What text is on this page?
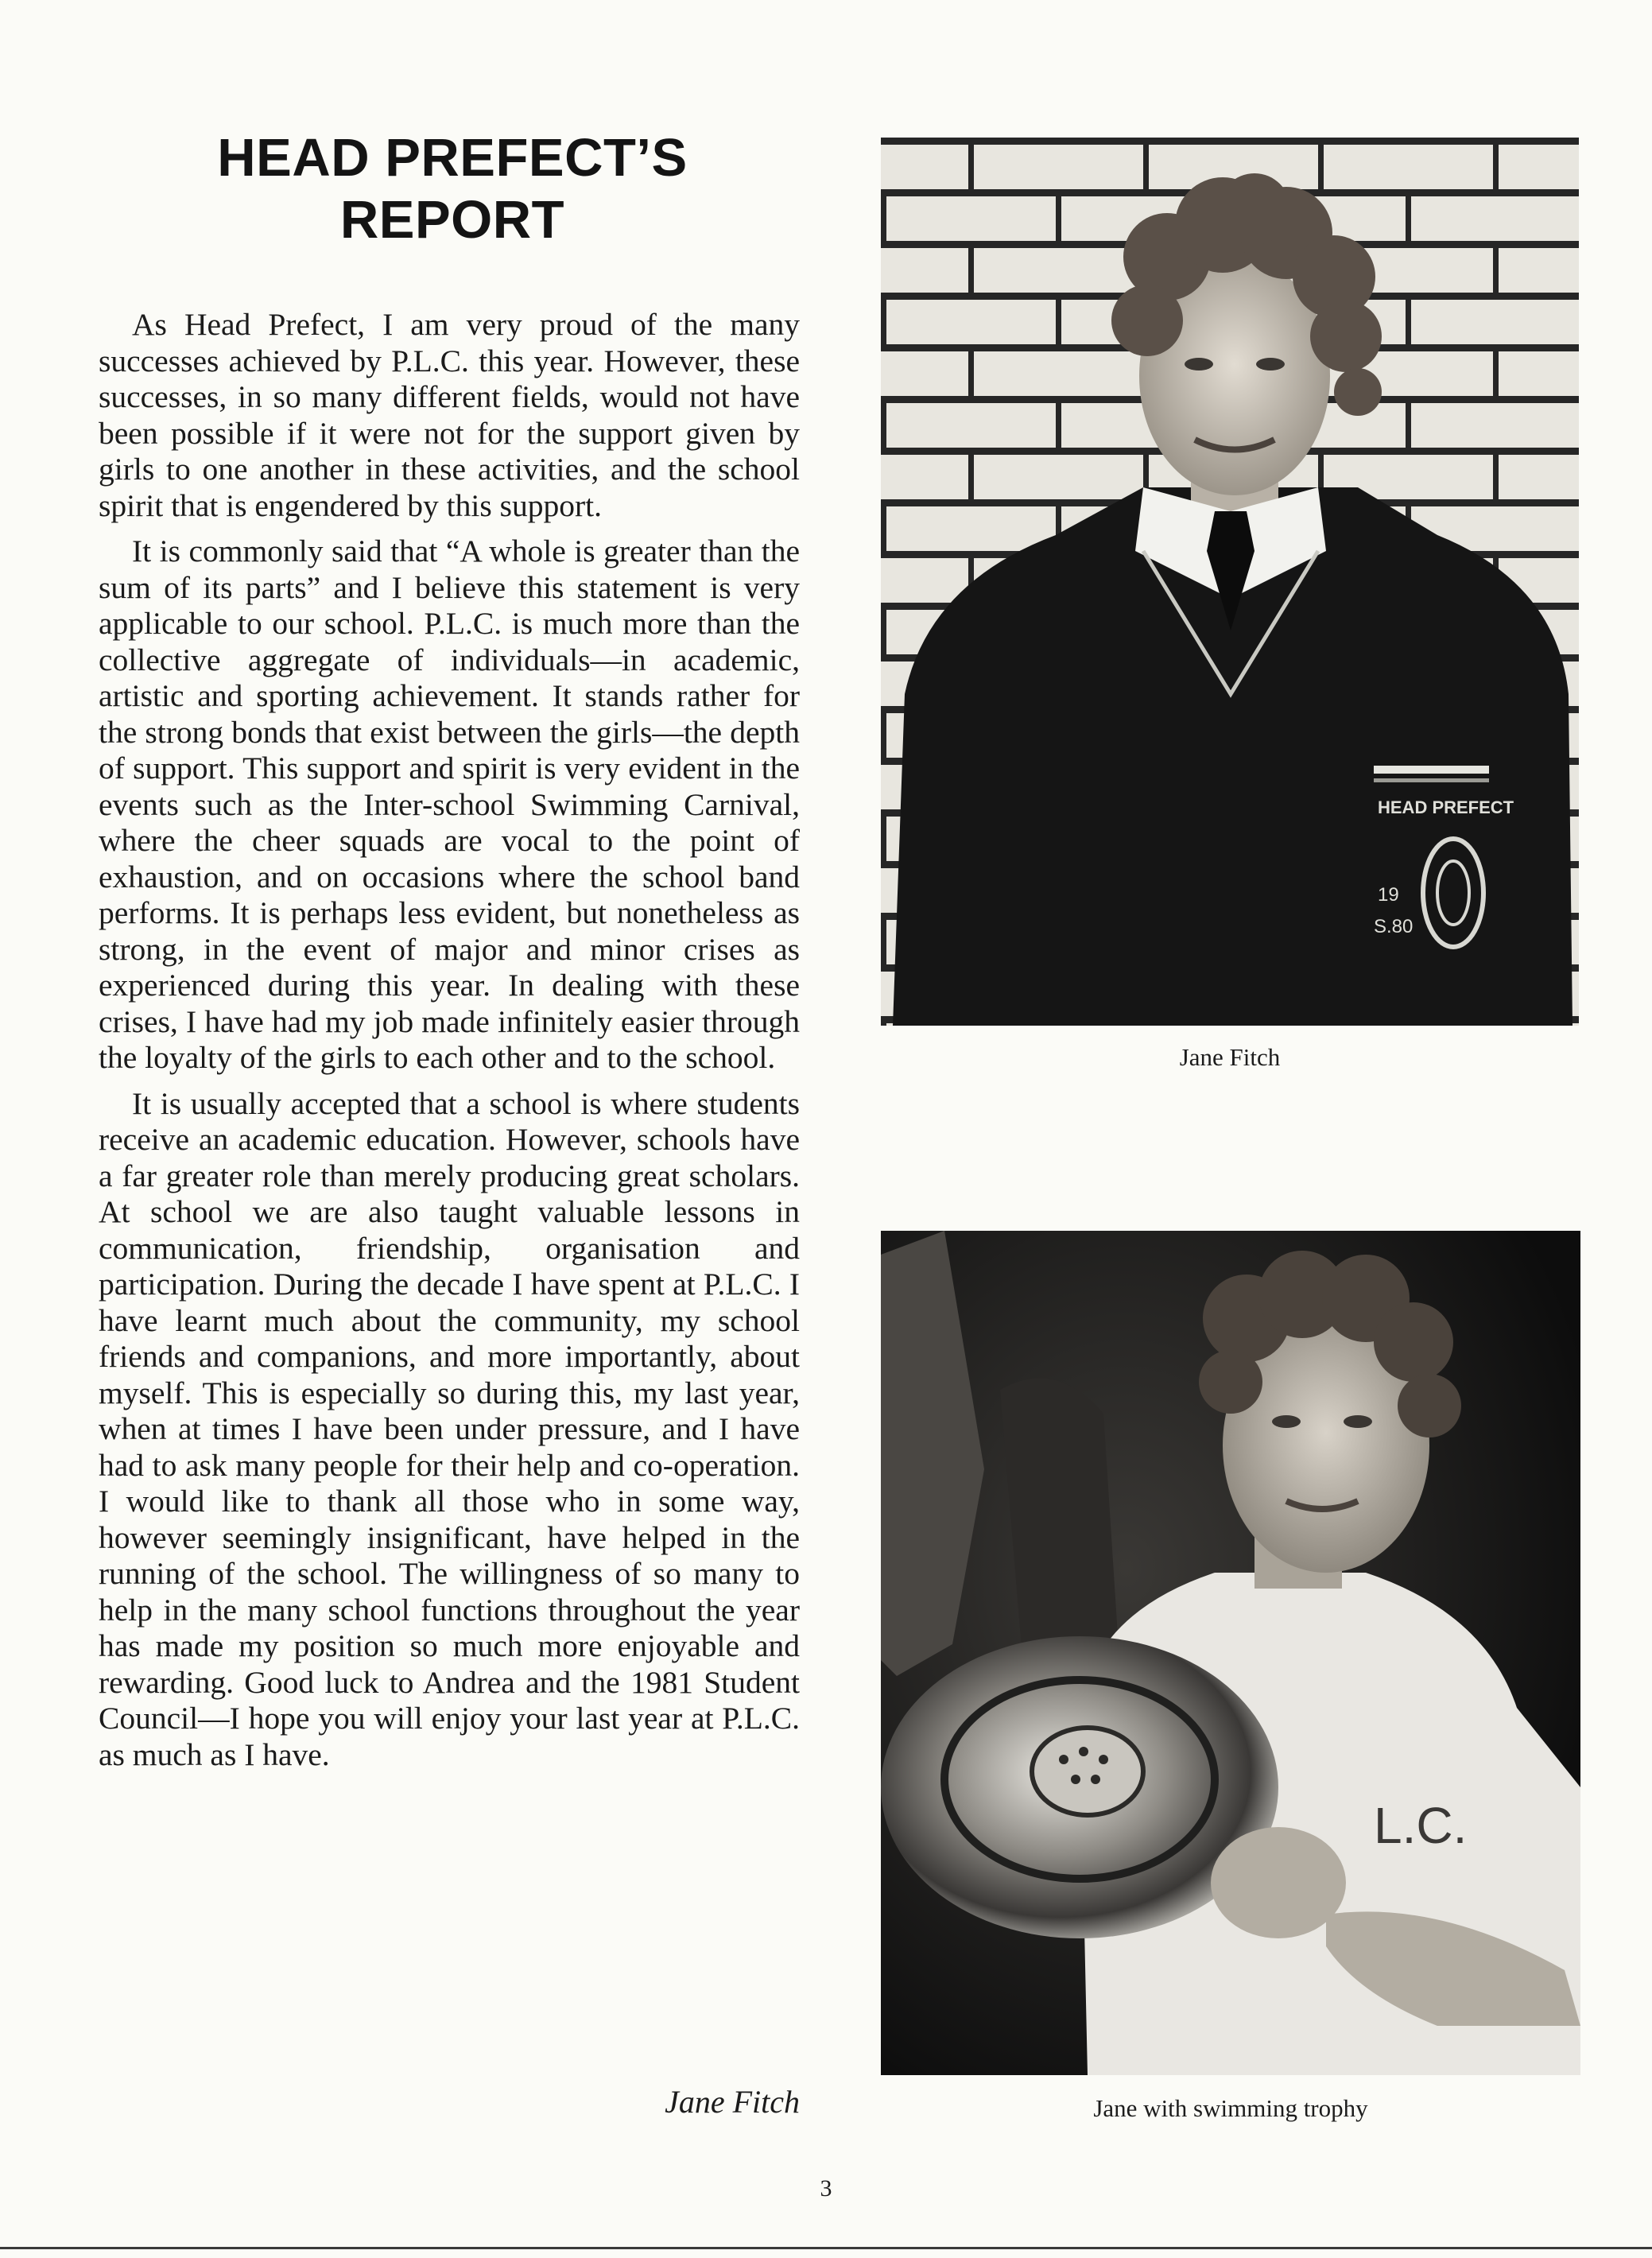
HEAD PREFECT’S REPORT

As Head Prefect, I am very proud of the many successes achieved by P.L.C. this year. However, these successes, in so many different fields, would not have been possible if it were not for the support given by girls to one another in these activities, and the school spirit that is engendered by this support.

It is commonly said that “A whole is greater than the sum of its parts” and I believe this statement is very applicable to our school. P.L.C. is much more than the collective aggregate of individuals—in academic, artistic and sporting achievement. It stands rather for the strong bonds that exist between the girls—the depth of support. This support and spirit is very evident in the events such as the Inter-school Swimming Carnival, where the cheer squads are vocal to the point of exhaustion, and on occasions where the school band performs. It is perhaps less evident, but nonetheless as strong, in the event of major and minor crises as experienced during this year. In dealing with these crises, I have had my job made infinitely easier through the loyalty of the girls to each other and to the school.

It is usually accepted that a school is where students receive an academic education. However, schools have a far greater role than merely producing great scholars. At school we are also taught valuable lessons in communication, friendship, organisation and participation. During the decade I have spent at P.L.C. I have learnt much about the community, my school friends and companions, and more importantly, about myself. This is especially so during this, my last year, when at times I have been under pressure, and I have had to ask many people for their help and co-operation. I would like to thank all those who in some way, however seemingly insignificant, have helped in the running of the school. The willingness of so many to help in the many school functions throughout the year has made my position so much more enjoyable and rewarding. Good luck to Andrea and the 1981 Student Council—I hope you will enjoy your last year at P.L.C. as much as I have.

Jane Fitch
HEAD PREFECT
19
S.80
Jane Fitch
L.C.
Jane with swimming trophy
3
